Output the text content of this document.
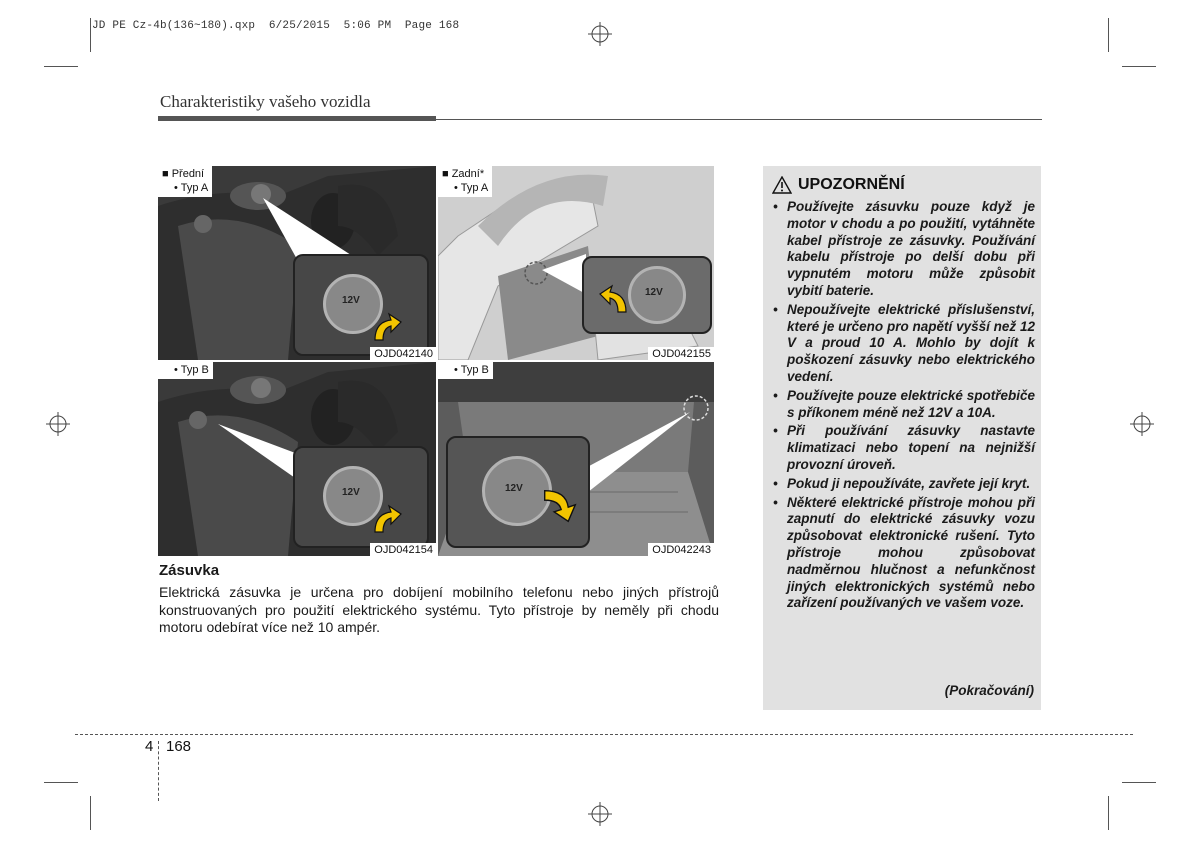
JD PE Cz-4b(136~180).qxp  6/25/2015  5:06 PM  Page 168
Charakteristiky vašeho vozidla
■ Přední
• Typ A
12V
OJD042140
■ Zadní*
• Typ A
12V
OJD042155
• Typ B
12V
OJD042154
• Typ B
12V
OJD042243
Zásuvka
Elektrická zásuvka je určena pro dobíjení mobilního telefonu nebo jiných přístrojů konstruovaných pro použití elektrického systému. Tyto přístroje by neměly při chodu motoru odebírat více než 10 ampér.
UPOZORNĚNÍ
• Používejte zásuvku pouze když je motor v chodu a po použití, vytáhněte kabel přístroje ze zásuvky. Používání kabelu přístroje po delší dobu při vypnutém motoru může způsobit vybití baterie.
• Nepoužívejte elektrické příslušenství, které je určeno pro napětí vyšší než 12 V a proud 10 A. Mohlo by dojít k poškození zásuvky nebo elektrického vedení.
• Používejte pouze elektrické spotřebiče s příkonem méně než 12V a 10A.
• Při používání zásuvky nastavte klimatizaci nebo topení na nejnižší provozní úroveň.
• Pokud ji nepoužíváte, zavřete její kryt.
• Některé elektrické přístroje mohou při zapnutí do elektrické zásuvky vozu způsobovat elektronické rušení. Tyto přístroje mohou způsobovat nadměrnou hlučnost a nefunkčnost jiných elektronických systémů nebo zařízení používaných ve vašem voze.
(Pokračování)
4 168
